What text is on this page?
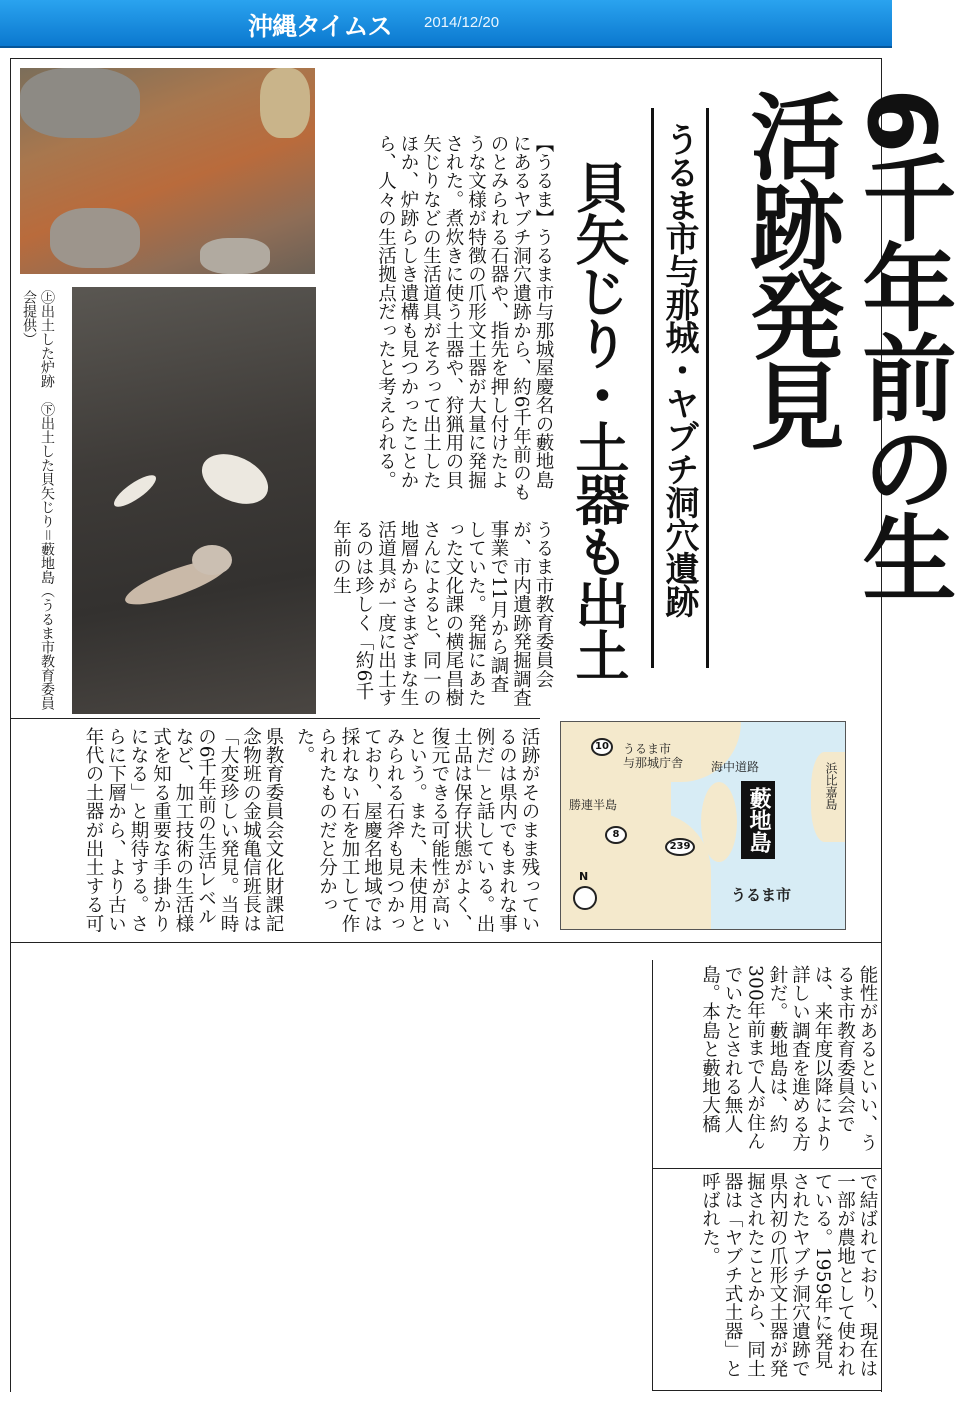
沖縄タイムス 2014/12/20
6千年前の生活跡発見
うるま市与那城・ヤブチ洞穴遺跡
貝矢じり・土器も出土

【うるま】うるま市与那城屋慶名の藪地島にあるヤブチ洞穴遺跡から、約6千年前のものとみられる石器や、指先を押し付けたような文様が特徴の爪形文土器が大量に発掘された。煮炊きに使う土器や、狩猟用の貝矢じりなどの生活道具がそろって出土したほか、炉跡らしき遺構も見つかったことから、人々の生活拠点だったと考えられる。

うるま市教育委員会が、市内遺跡発掘調査事業で11月から調査していた。発掘にあたった文化課の横尾昌樹さんによると、同一の地層からさまざまな生活道具が一度に出土するのは珍しく「約6千年前の生

活跡がそのまま残っているのは県内でもまれな事例だ」と話している。出土品は保存状態がよく、復元できる可能性が高いという。また、未使用とみられる石斧も見つかっており、屋慶名地域では採れない石を加工して作られたものだと分かった。

県教育委員会文化財課記念物班の金城亀信班長は「大変珍しい発見。当時の6千年前の生活レベルなど、加工技術の生活様式を知る重要な手掛かりになる」と期待する。さらに下層から、より古い年代の土器が出土する可

能性があるといい、うるま市教育委員会では、来年度以降により詳しい調査を進める方針だ。藪地島は、約300年前まで人が住んでいたとされる無人島。本島と藪地大橋

で結ばれており、現在は一部が農地として使われている。1959年に発見されたヤブチ洞穴遺跡で県内初の爪形文土器が発掘されたことから、同土器は「ヤブチ式土器」と呼ばれた。

㊤出土した炉跡　㊦出土した貝矢じり＝藪地島（うるま市教育委員会提供）

10
8
239
うるま市
与那城庁舎 海中道路
勝連半島	浜比嘉島
うるま市
藪地島
N
